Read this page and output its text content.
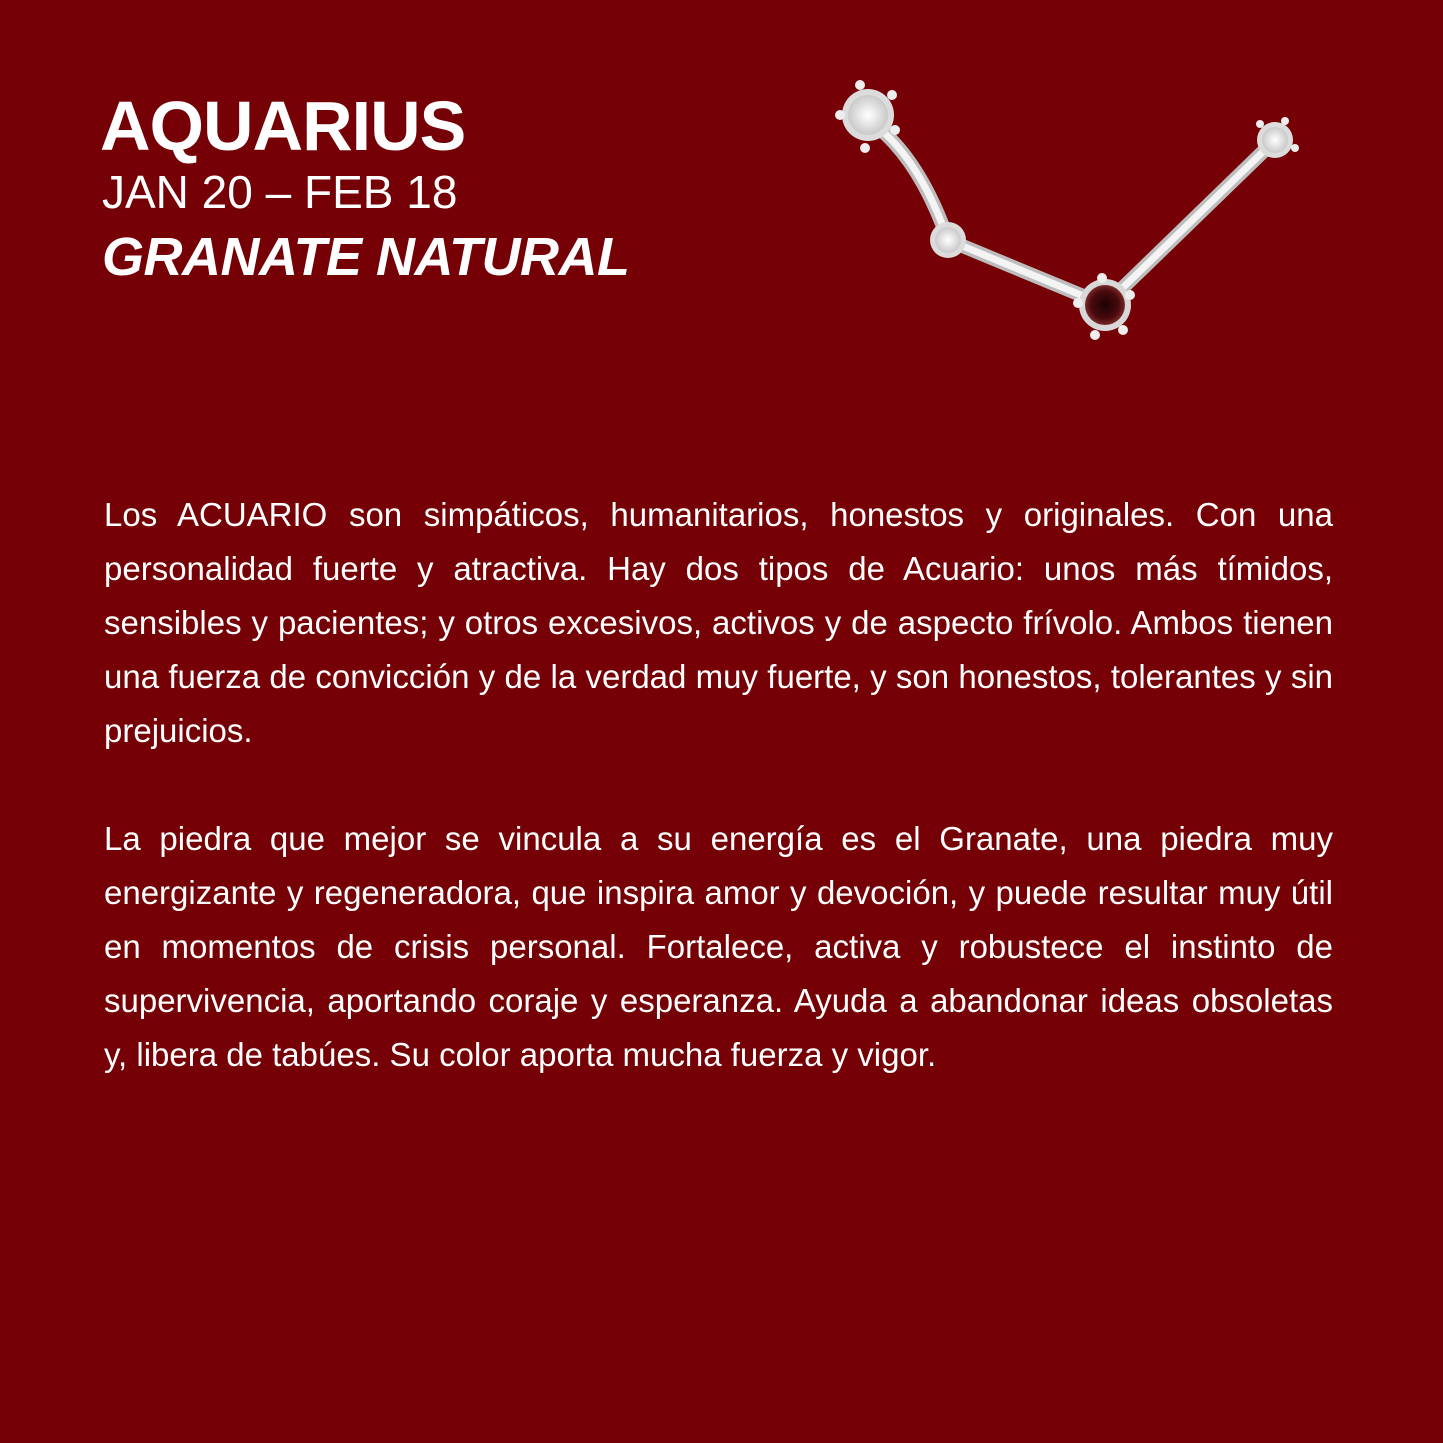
AQUARIUS
JAN 20 – FEB 18
GRANATE NATURAL

Los ACUARIO son simpáticos, humanitarios, honestos y originales. Con una personalidad fuerte y atractiva. Hay dos tipos de Acuario: unos más tímidos, sensibles y pacientes; y otros excesivos, activos y de aspecto frívolo. Ambos tienen una fuerza de convicción y de la verdad muy fuerte, y son honestos, tolerantes y sin prejuicios.

La piedra que mejor se vincula a su energía es el Granate, una piedra muy energizante y regeneradora, que inspira amor y devoción, y puede resultar muy útil en momentos de crisis personal. Fortalece, activa y robustece el instinto de supervivencia, aportando coraje y esperanza. Ayuda a abandonar ideas obsoletas y, libera de tabúes. Su color aporta mucha fuerza y vigor.
